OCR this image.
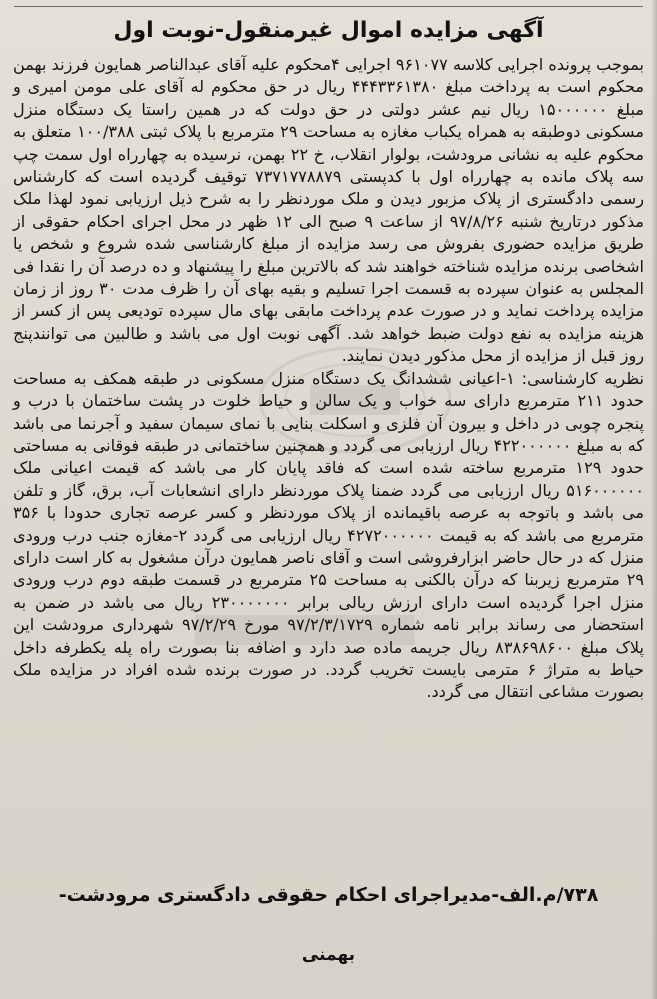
آگهی مزایده اموال غیرمنقول-نوبت اول

بموجب پرونده اجرایی کلاسه ۹۶۱۰۷۷ اجرایی ۴محکوم علیه آقای عبدالناصر همایون فرزند بهمن محکوم است به پرداخت مبلغ ۴۴۴۳۳۶۱۳۸۰ ریال در حق محکوم له آقای علی مومن امیری و مبلغ ۱۵۰۰۰۰۰۰ ریال نیم عشر دولتی در حق دولت که در همین راستا یک دستگاه منزل مسکونی دوطبقه به همراه یکباب مغازه به مساحت ۲۹ مترمربع با پلاک ثبتی ۱۰۰/۳۸۸ متعلق به محکوم علیه به نشانی مرودشت، بولوار انقلاب، خ ۲۲ بهمن، نرسیده به چهارراه اول سمت چپ سه پلاک مانده به چهارراه اول با کدپستی ۷۳۷۱۷۷۸۸۷۹ توقیف گردیده است که کارشناس رسمی دادگستری از پلاک مزبور دیدن و ملک موردنظر را به شرح ذیل ارزیابی نمود لهذا ملک مذکور درتاریخ شنبه ۹۷/۸/۲۶ از ساعت ۹ صبح الی ۱۲ ظهر در محل اجرای احکام حقوقی از طریق مزایده حضوری بفروش می رسد مزایده از مبلغ کارشناسی شده شروع و شخص یا اشخاصی برنده مزایده شناخته خواهند شد که بالاترین مبلغ را پیشنهاد و ده درصد آن را نقدا فی المجلس به عنوان سپرده به قسمت اجرا تسلیم و بقیه بهای آن را ظرف مدت ۳۰ روز از زمان مزایده پرداخت نماید و در صورت عدم پرداخت مابقی بهای مال سپرده تودیعی پس از کسر از هزینه مزایده به نفع دولت ضبط خواهد شد. آگهی نوبت اول می باشد و طالبین می توانندپنج روز قبل از مزایده از محل مذکور دیدن نمایند.

نظریه کارشناسی: ۱-اعیانی ششدانگ یک دستگاه منزل مسکونی در طبقه همکف به مساحت حدود ۲۱۱ مترمربع دارای سه خواب و یک سالن و حیاط خلوت در پشت ساختمان با درب و پنجره چوبی در داخل و بیرون آن فلزی و اسکلت بنایی با نمای سیمان سفید و آجرنما می باشد که به مبلغ ۴۲۲۰۰۰۰۰۰ ریال ارزیابی می گردد و همچنین ساختمانی در طبقه فوقانی به مساحتی حدود ۱۲۹ مترمربع ساخته شده است که فاقد پایان کار می باشد که قیمت اعیانی ملک ۵۱۶۰۰۰۰۰۰ ریال ارزیابی می گردد ضمنا پلاک موردنظر دارای انشعابات آب، برق، گاز و تلفن می باشد و باتوجه به عرصه باقیمانده از پلاک موردنظر و کسر عرصه تجاری حدودا با ۳۵۶ مترمربع می باشد که به قیمت ۴۲۷۲۰۰۰۰۰۰ ریال ارزیابی می گردد ۲-مغازه جنب درب ورودی منزل که در حال حاضر ابزارفروشی است و آقای ناصر همایون درآن مشغول به کار است دارای ۲۹ مترمربع زیربنا که درآن بالکنی به مساحت ۲۵ مترمربع در قسمت طبقه دوم درب ورودی منزل اجرا گردیده است دارای ارزش ریالی برابر ۲۳۰۰۰۰۰۰۰ ریال می باشد در ضمن به استحضار می رساند برابر نامه شماره ۹۷/۲/۳/۱۷۲۹ مورخ ۹۷/۲/۲۹ شهرداری مرودشت این پلاک مبلغ ۸۳۸۶۹۸۶۰۰ ریال جریمه ماده صد دارد و اضافه بنا بصورت راه پله یکطرفه داخل حیاط به متراژ ۶ مترمی بایست تخریب گردد. در صورت برنده شده افراد در مزایده ملک بصورت مشاعی انتقال می گردد.

۷۳۸/م.الف-مدیراجرای احکام حقوقی دادگستری مرودشت-
بهمنی
